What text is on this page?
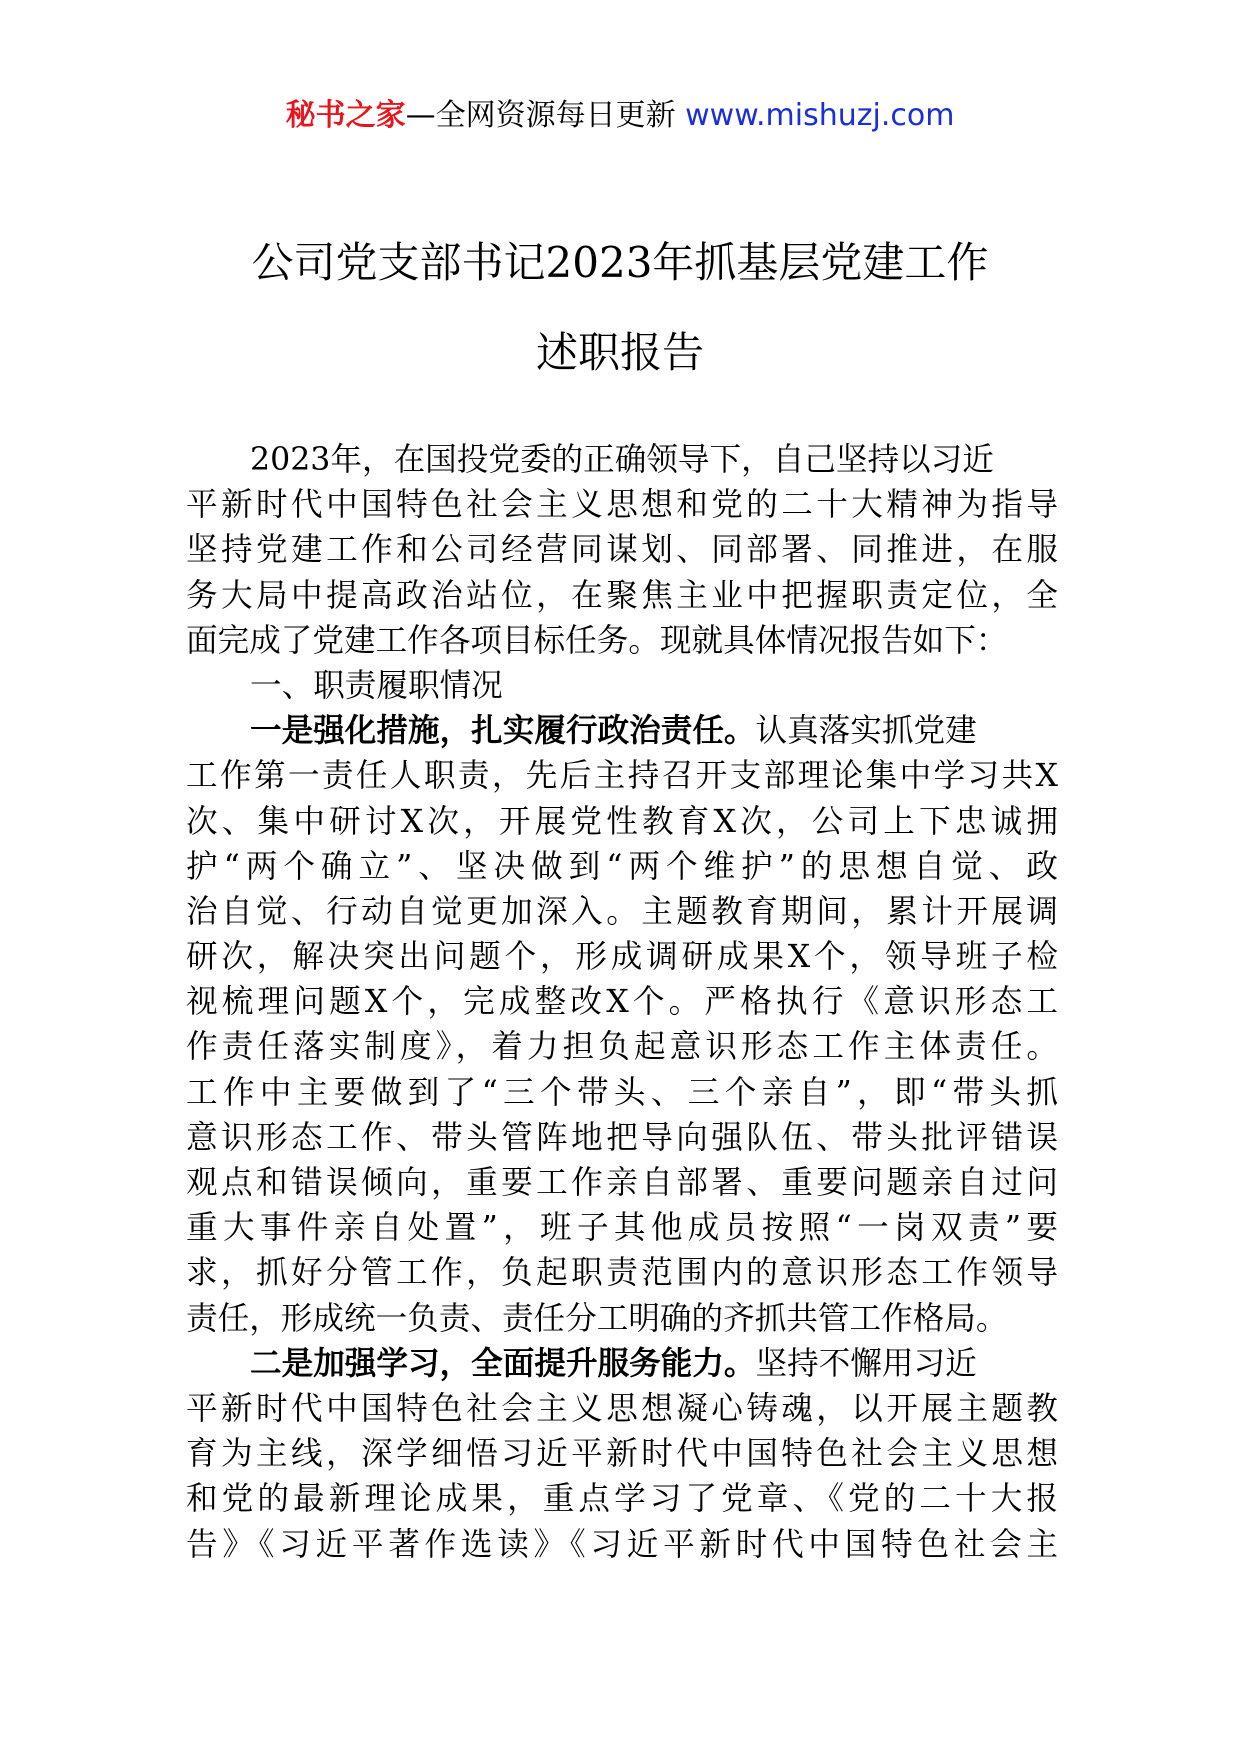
秘书之家—全网资源每日更新 www.mishuzj.com
公司党支部书记2023年抓基层党建工作
述职报告
2023年，在国投党委的正确领导下，自己坚持以习近
平新时代中国特色社会主义思想和党的二十大精神为指导
坚持党建工作和公司经营同谋划、同部署、同推进，在服
务大局中提高政治站位，在聚焦主业中把握职责定位，全
面完成了党建工作各项目标任务。现就具体情况报告如下：
一、职责履职情况
一是强化措施，扎实履行政治责任。认真落实抓党建
工作第一责任人职责，先后主持召开支部理论集中学习共X
次、集中研讨X次，开展党性教育X次，公司上下忠诚拥
护“两个确立”、坚决做到“两个维护”的思想自觉、政
治自觉、行动自觉更加深入。主题教育期间，累计开展调
研次，解决突出问题个，形成调研成果X个，领导班子检
视梳理问题X个，完成整改X个。严格执行《意识形态工
作责任落实制度》，着力担负起意识形态工作主体责任。
工作中主要做到了“三个带头、三个亲自”，即“带头抓
意识形态工作、带头管阵地把导向强队伍、带头批评错误
观点和错误倾向，重要工作亲自部署、重要问题亲自过问
重大事件亲自处置”，班子其他成员按照“一岗双责”要
求，抓好分管工作，负起职责范围内的意识形态工作领导
责任，形成统一负责、责任分工明确的齐抓共管工作格局。
二是加强学习，全面提升服务能力。坚持不懈用习近
平新时代中国特色社会主义思想凝心铸魂，以开展主题教
育为主线，深学细悟习近平新时代中国特色社会主义思想
和党的最新理论成果，重点学习了党章、《党的二十大报
告》《习近平著作选读》《习近平新时代中国特色社会主
